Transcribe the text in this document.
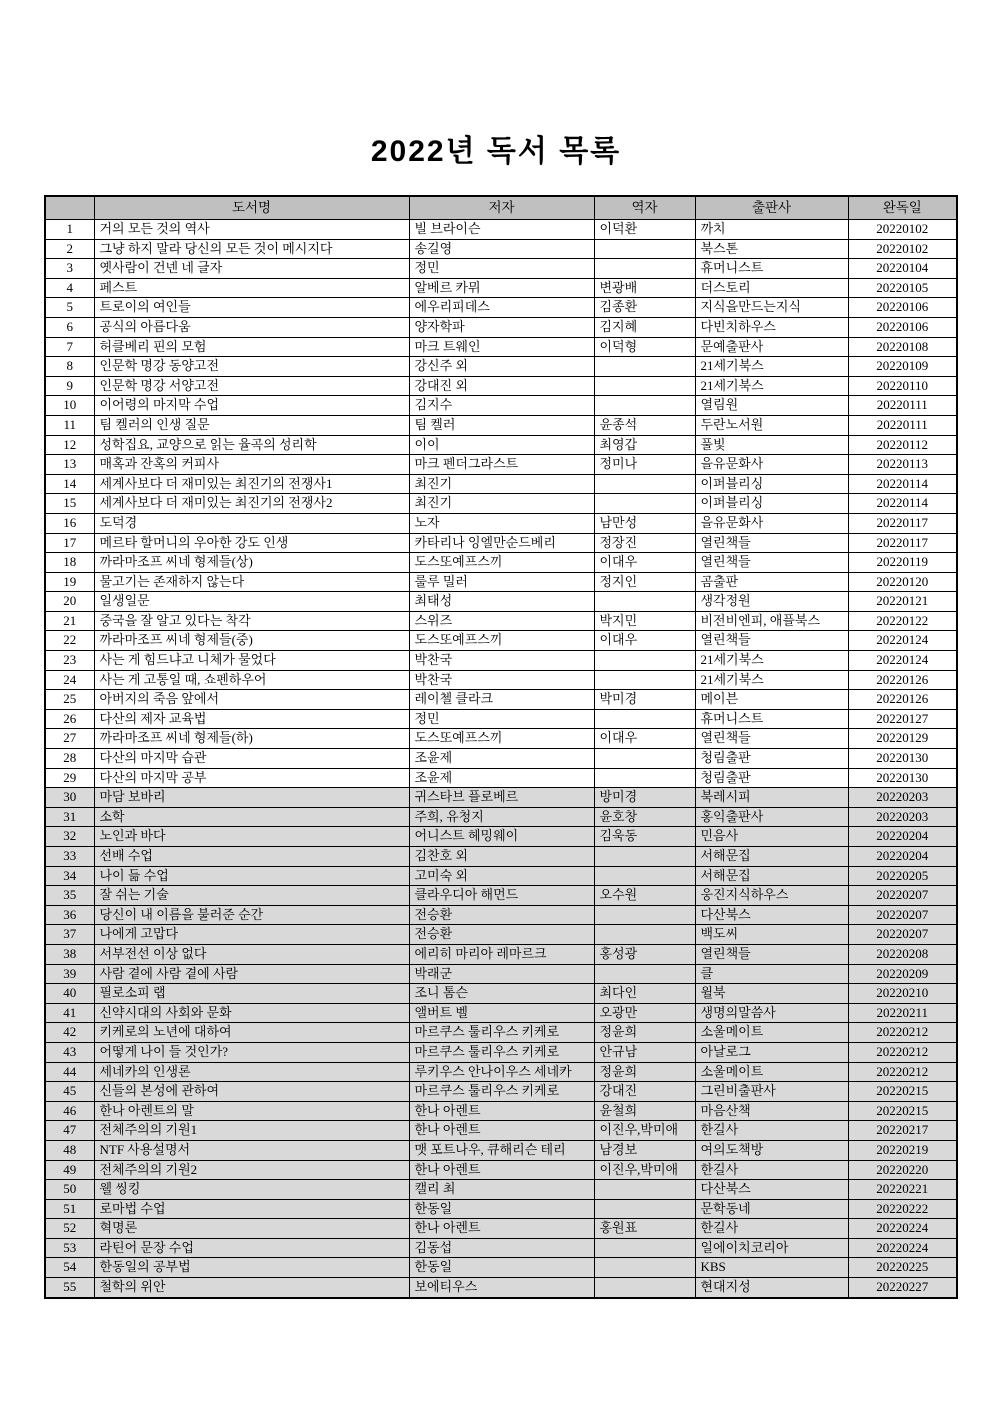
2022년 독서 목록
	도서명	저자	역자	출판사	완독일
1	거의 모든 것의 역사	빌 브라이슨	이덕환	까치	20220102
2	그냥 하지 말라 당신의 모든 것이 메시지다	송길영		북스톤	20220102
3	옛사람이 건넨 네 글자	정민		휴머니스트	20220104
4	페스트	알베르 카뮈	변광배	더스토리	20220105
5	트로이의 여인들	에우리피데스	김종환	지식을만드는지식	20220106
6	공식의 아름다움	양자학파	김지혜	다빈치하우스	20220106
7	허클베리 핀의 모험	마크 트웨인	이덕형	문예출판사	20220108
8	인문학 명강 동양고전	강신주 외		21세기북스	20220109
9	인문학 명강 서양고전	강대진 외		21세기북스	20220110
10	이어령의 마지막 수업	김지수		열림원	20220111
11	팀 켈러의 인생 질문	팀 켈러	윤종석	두란노서원	20220111
12	성학집요, 교양으로 읽는 율곡의 성리학	이이	최영갑	풀빛	20220112
13	매혹과 잔혹의 커피사	마크 펜더그라스트	정미나	을유문화사	20220113
14	세계사보다 더 재미있는 최진기의 전쟁사1	최진기		이퍼블리싱	20220114
15	세계사보다 더 재미있는 최진기의 전쟁사2	최진기		이퍼블리싱	20220114
16	도덕경	노자	남만성	을유문화사	20220117
17	메르타 할머니의 우아한 강도 인생	카타리나 잉엘만순드베리	정장진	열린책들	20220117
18	까라마조프 씨네 형제들(상)	도스또예프스끼	이대우	열린책들	20220119
19	물고기는 존재하지 않는다	룰루 밀러	정지인	곰출판	20220120
20	일생일문	최태성		생각정원	20220121
21	중국을 잘 알고 있다는 착각	스위즈	박지민	비전비엔피, 애플북스	20220122
22	까라마조프 씨네 형제들(중)	도스또예프스끼	이대우	열린책들	20220124
23	사는 게 힘드냐고 니체가 물었다	박찬국		21세기북스	20220124
24	사는 게 고통일 때, 쇼펜하우어	박찬국		21세기북스	20220126
25	아버지의 죽음 앞에서	레이첼 클라크	박미경	메이븐	20220126
26	다산의 제자 교육법	정민		휴머니스트	20220127
27	까라마조프 씨네 형제들(하)	도스또예프스끼	이대우	열린책들	20220129
28	다산의 마지막 습관	조윤제		청림출판	20220130
29	다산의 마지막 공부	조윤제		청림출판	20220130
30	마담 보바리	귀스타브 플로베르	방미경	북레시피	20220203
31	소학	주희, 유청지	윤호창	홍익출판사	20220203
32	노인과 바다	어니스트 헤밍웨이	김욱동	민음사	20220204
33	선배 수업	김찬호 외		서해문집	20220204
34	나이 듦 수업	고미숙 외		서해문집	20220205
35	잘 쉬는 기술	클라우디아 해먼드	오수원	웅진지식하우스	20220207
36	당신이 내 이름을 불러준 순간	전승환		다산북스	20220207
37	나에게 고맙다	전승환		백도씨	20220207
38	서부전선 이상 없다	에리히 마리아 레마르크	홍성광	열린책들	20220208
39	사람 곁에 사람 곁에 사람	박래군		클	20220209
40	필로소피 랩	조니 톰슨	최다인	윌북	20220210
41	신약시대의 사회와 문화	앨버트 벨	오광만	생명의말씀사	20220211
42	키케로의 노년에 대하여	마르쿠스 툴리우스 키케로	정윤희	소울메이트	20220212
43	어떻게 나이 들 것인가?	마르쿠스 툴리우스 키케로	안규남	아날로그	20220212
44	세네카의 인생론	루키우스 안나이우스 세네카	정윤희	소울메이트	20220212
45	신들의 본성에 관하여	마르쿠스 툴리우스 키케로	강대진	그린비출판사	20220215
46	한나 아렌트의 말	한나 아렌트	윤철희	마음산책	20220215
47	전체주의의 기원1	한나 아렌트	이진우,박미애	한길사	20220217
48	NTF 사용설명서	맷 포트나우, 큐해리슨 테리	남경보	여의도책방	20220219
49	전체주의의 기원2	한나 아렌트	이진우,박미애	한길사	20220220
50	웰 씽킹	캘리 최		다산북스	20220221
51	로마법 수업	한동일		문학동네	20220222
52	혁명론	한나 아렌트	홍원표	한길사	20220224
53	라틴어 문장 수업	김동섭		일에이치코리아	20220224
54	한동일의 공부법	한동일		KBS	20220225
55	철학의 위안	보에티우스		현대지성	20220227
